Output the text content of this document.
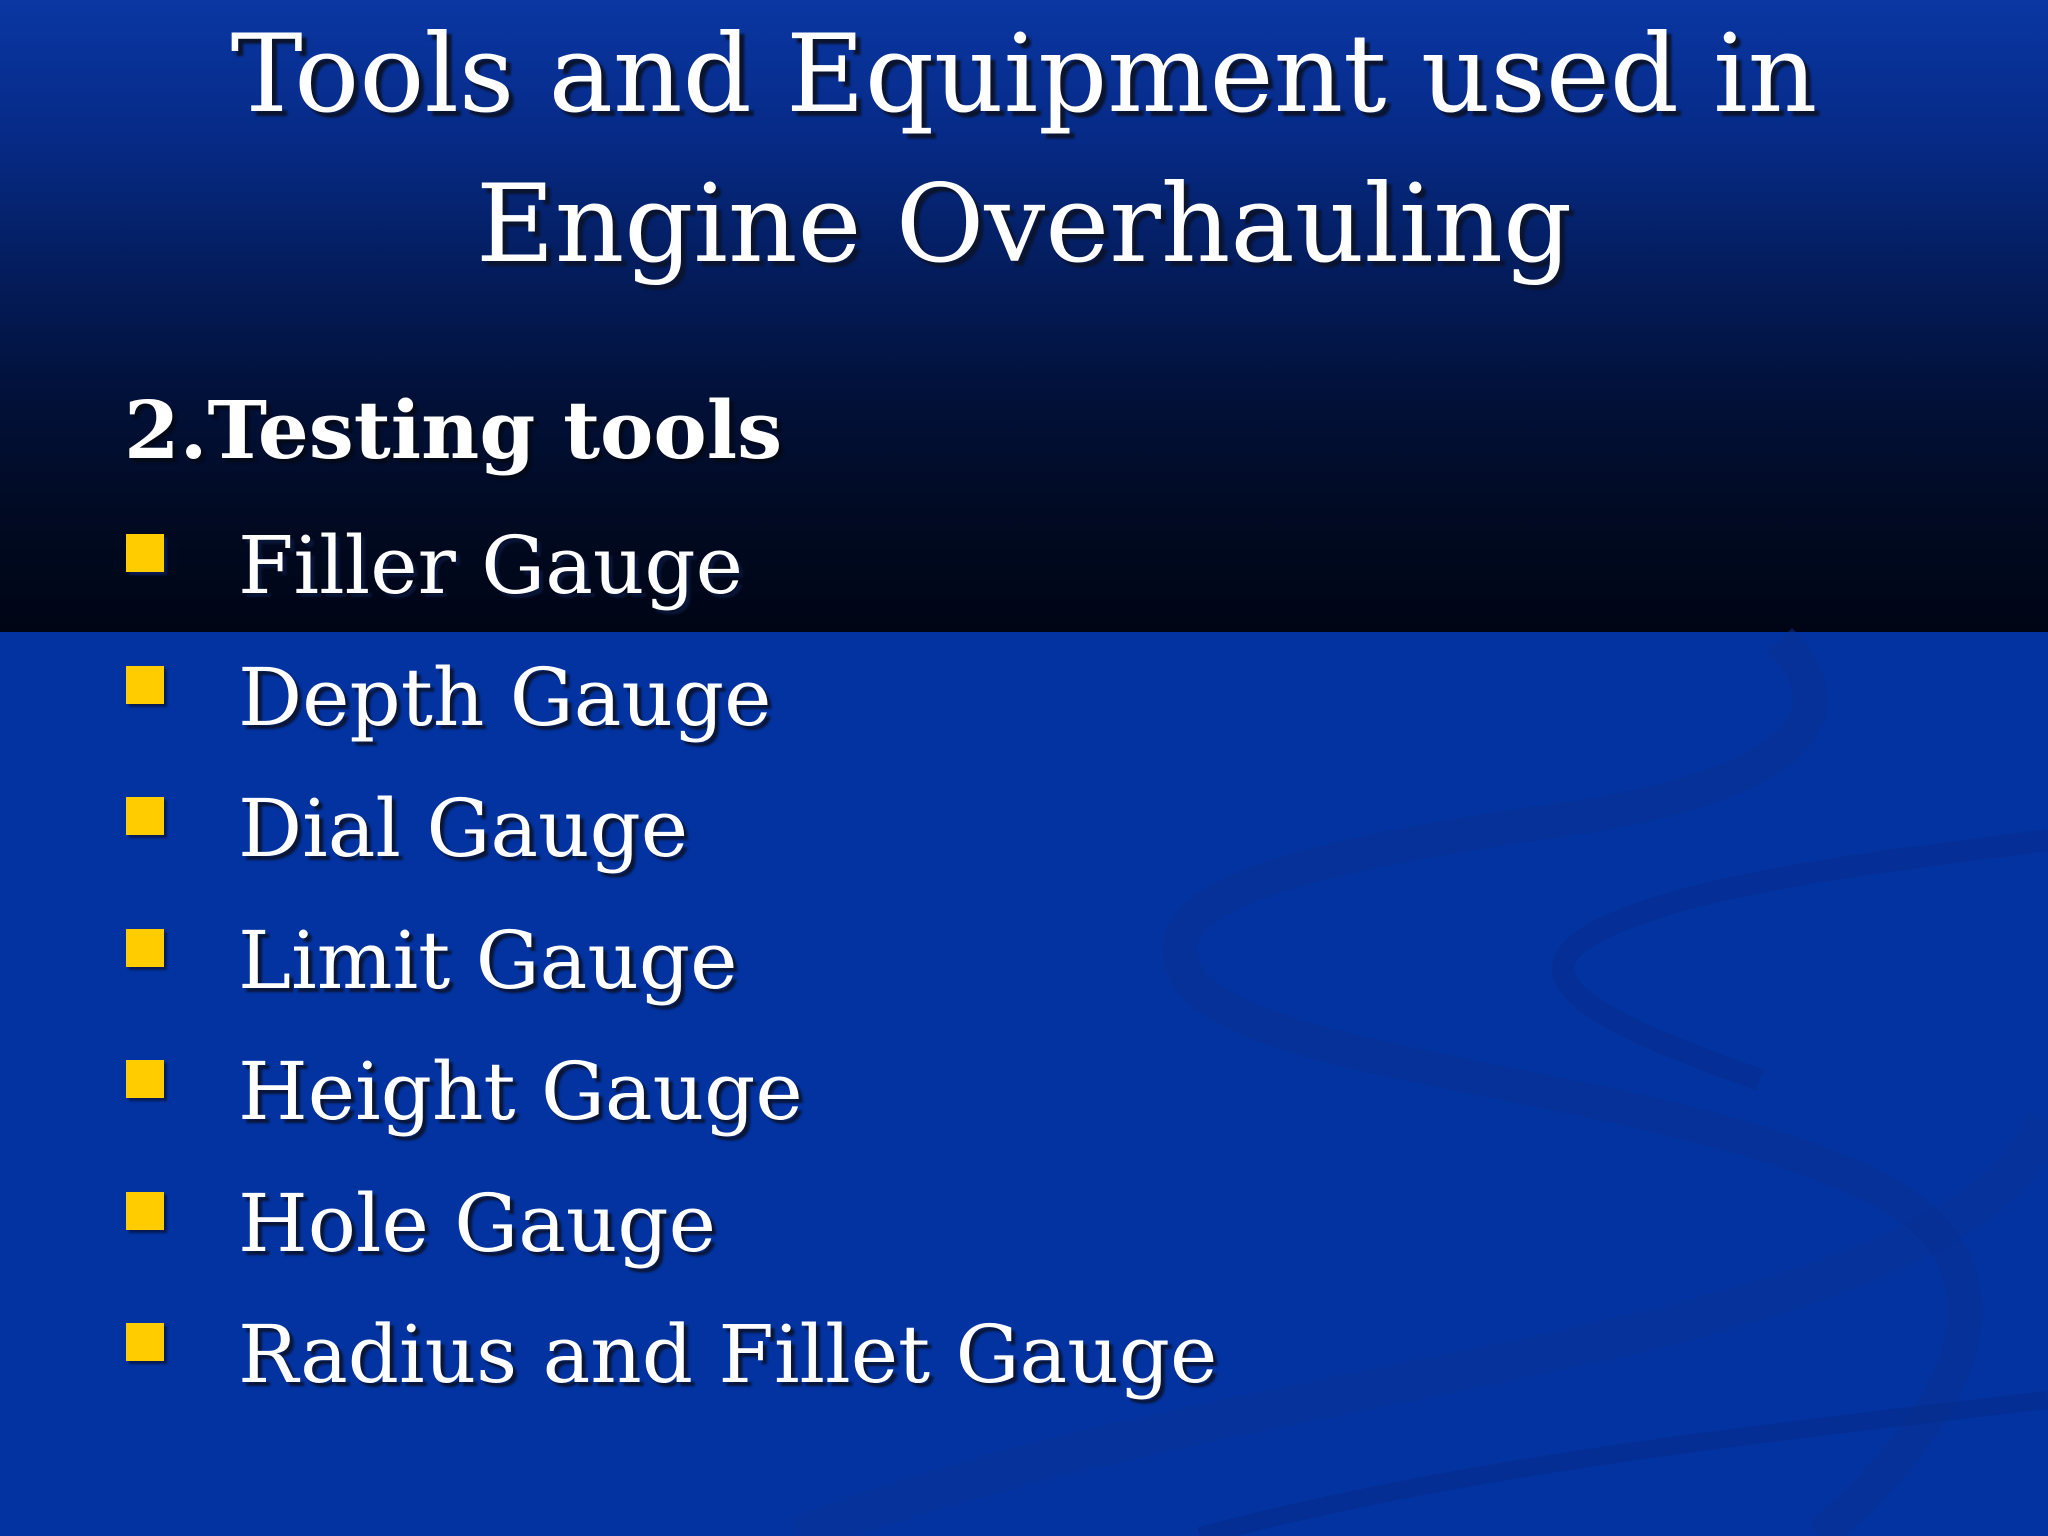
Tools and Equipment used in
Engine Overhauling
2.Testing tools
Filler Gauge
Depth Gauge
Dial Gauge
Limit Gauge
Height Gauge
Hole Gauge
Radius and Fillet Gauge
